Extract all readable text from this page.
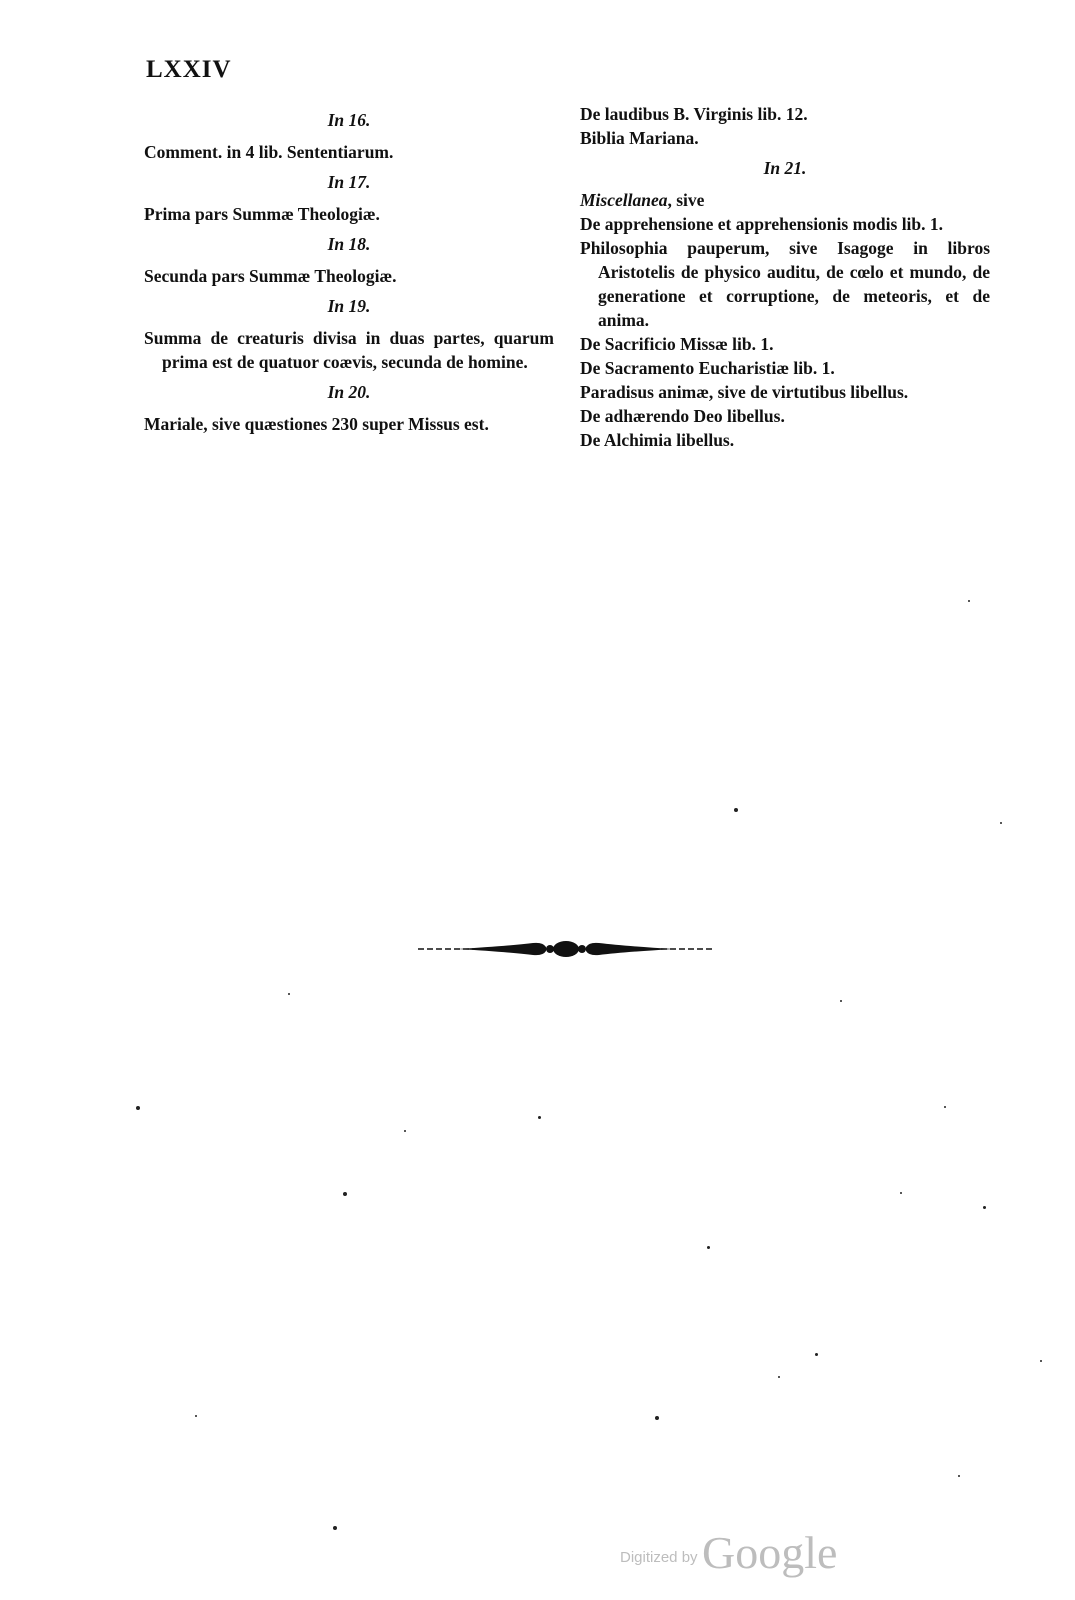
LXXIV
In 16.
Comment. in 4 lib. Sententiarum.
In 17.
Prima pars Summæ Theologiæ.
In 18.
Secunda pars Summæ Theologiæ.
In 19.
Summa de creaturis divisa in duas partes, quarum prima est de quatuor coævis, secunda de homine.
In 20.
Mariale, sive quæstiones 230 super Missus est.
De laudibus B. Virginis lib. 12.
Biblia Mariana.
In 21.
Miscellanea, sive
De apprehensione et apprehensionis modis lib. 1.
Philosophia pauperum, sive Isagoge in libros Aristotelis de physico auditu, de cœlo et mundo, de generatione et corruptione, de meteoris, et de anima.
De Sacrificio Missæ lib. 1.
De Sacramento Eucharistiæ lib. 1.
Paradisus animæ, sive de virtutibus libellus.
De adhærendo Deo libellus.
De Alchimia libellus.
Digitized by Google
